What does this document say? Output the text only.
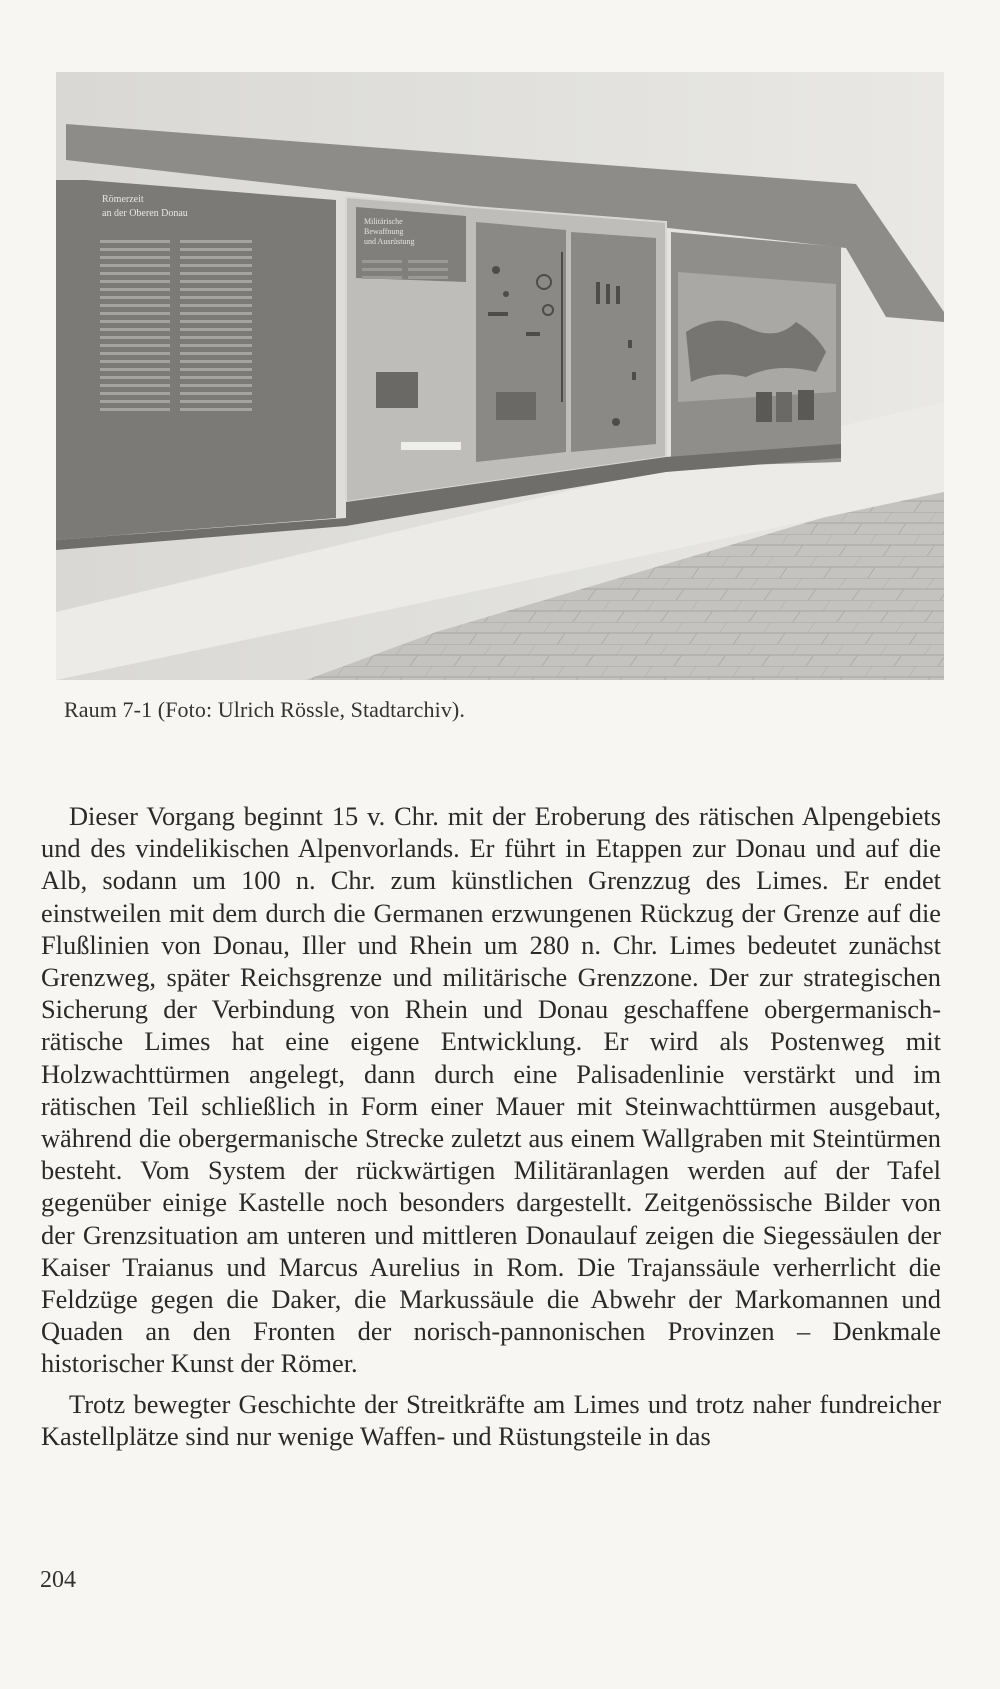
Römerzeit
an der Oberen Donau
Militärische
Bewaffnung
und Ausrüstung
Raum 7-1 (Foto: Ulrich Rössle, Stadtarchiv).

Dieser Vorgang beginnt 15 v. Chr. mit der Eroberung des rätischen Alpengebiets und des vindelikischen Alpenvorlands. Er führt in Etappen zur Donau und auf die Alb, sodann um 100 n. Chr. zum künstlichen Grenzzug des Limes. Er endet einstweilen mit dem durch die Germanen erzwungenen Rückzug der Grenze auf die Flußlinien von Donau, Iller und Rhein um 280 n. Chr. Limes bedeutet zunächst Grenzweg, später Reichsgrenze und militärische Grenzzone. Der zur strategischen Sicherung der Verbindung von Rhein und Donau geschaffene obergermanisch-rätische Limes hat eine eigene Entwicklung. Er wird als Postenweg mit Holzwachttürmen angelegt, dann durch eine Palisadenlinie verstärkt und im rätischen Teil schließlich in Form einer Mauer mit Steinwachttürmen ausgebaut, während die obergermanische Strecke zuletzt aus einem Wallgraben mit Steintürmen besteht. Vom System der rückwärtigen Militäranlagen werden auf der Tafel gegenüber einige Kastelle noch besonders dargestellt. Zeitgenössische Bilder von der Grenzsituation am unteren und mittleren Donaulauf zeigen die Siegessäulen der Kaiser Traianus und Marcus Aurelius in Rom. Die Trajanssäule verherrlicht die Feldzüge gegen die Daker, die Markussäule die Abwehr der Markomannen und Quaden an den Fronten der norisch-pannonischen Provinzen – Denkmale historischer Kunst der Römer.

Trotz bewegter Geschichte der Streitkräfte am Limes und trotz naher fundreicher Kastellplätze sind nur wenige Waffen- und Rüstungsteile in das

204
